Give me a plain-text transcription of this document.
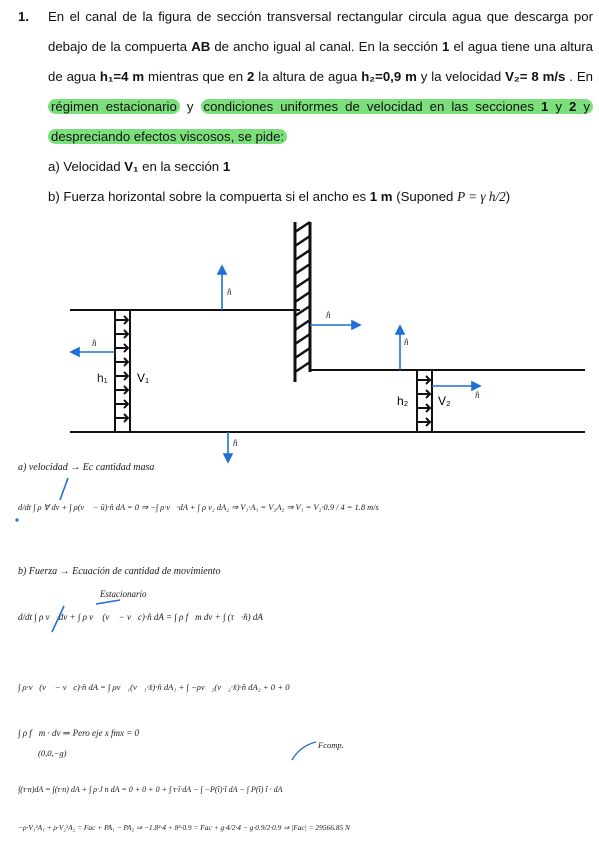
1. En el canal de la figura de sección transversal rectangular circula agua que descarga por
debajo de la compuerta AB de ancho igual al canal. En la sección 1 el agua tiene una altura
de agua h₁=4 m mientras que en 2 la altura de agua h₂=0,9 m y la velocidad V₂= 8 m/s . En
régimen estacionario y condiciones uniformes de velocidad en las secciones 1 y 2 y
despreciando efectos viscosos, se pide:
a) Velocidad V₁ en la sección 1
b) Fuerza horizontal sobre la compuerta si el ancho es 1 m (Suponed P = γ h/2)
h₁ V₁
h₂ V₂
n̂
n̂
n̂
n̂
n̂
n̂
a) velocidad → Ec cantidad masa
d/dt ∫ ρ ∀ dv + ∫ ρ(v⃗ − ū)·n̂ dA = 0 ⇒ −∫ ρ·v⃗·dA + ∫ ρ v₂ dA₂ ⇒ V₁·A₁ = V₂A₂ ⇒ V₁ = V₂·0.9 / 4 = 1.8 m/s
b) Fuerza → Ecuación de cantidad de movimiento
Estacionario
d/dt ∫ ρ v⃗ dv + ∫ ρ v⃗ (v⃗ − v⃗c)·n̂ dA = ∫ ρ f⃗m dv + ∫ (τ⃗·n̂) dA
∫ ρ·v⃗(v⃗ − v⃗c)·n̂ dA = ∫ ρv⃗₁(v⃗₁·x̂)·n̂ dA₁ + ∫ −ρv⃗₂(v⃗₂·x̂)·n̂ dA₂ + 0 + 0
∫ ρ f⃗m · dv ⇒ Pero eje x fmx = 0
(0,0,−g)
Fcomp.
∫(τ·n)dA = ∫(τ·n) dA + ∫ ρ·J n dA = 0 + 0 + 0 + ∫ τ·î·dA − ∫ −P(î)·î dA − ∫ P(î) î · dA
−ρ·V₁²A₁ + ρ·V₂²A₂ = Fac + PA₁ − PA₂ ⇒ −1.8²·4 + 8²·0.9 = Fac + g·4/2·4 − g·0.9/2·0.9 ⇒ |Fac| = 29566.85 N
